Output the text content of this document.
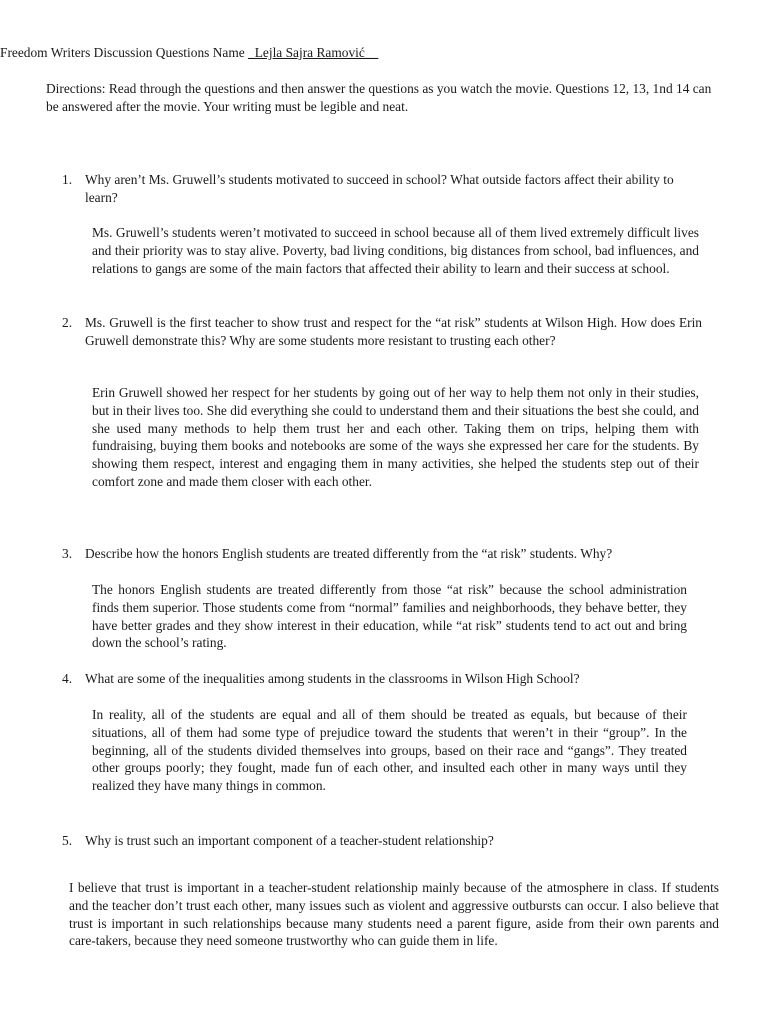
Freedom Writers Discussion Questions Name _Lejla Sajra Ramović__
Directions: Read through the questions and then answer the questions as you watch the movie. Questions 12, 13, 1nd 14 can be answered after the movie. Your writing must be legible and neat.
1. Why aren’t Ms. Gruwell’s students motivated to succeed in school? What outside factors affect their ability to learn?
Ms. Gruwell’s students weren’t motivated to succeed in school because all of them lived extremely difficult lives and their priority was to stay alive. Poverty, bad living conditions, big distances from school, bad influences, and relations to gangs are some of the main factors that affected their ability to learn and their success at school.
2. Ms. Gruwell is the first teacher to show trust and respect for the “at risk” students at Wilson High. How does Erin Gruwell demonstrate this? Why are some students more resistant to trusting each other?
Erin Gruwell showed her respect for her students by going out of her way to help them not only in their studies, but in their lives too. She did everything she could to understand them and their situations the best she could, and she used many methods to help them trust her and each other. Taking them on trips, helping them with fundraising, buying them books and notebooks are some of the ways she expressed her care for the students. By showing them respect, interest and engaging them in many activities, she helped the students step out of their comfort zone and made them closer with each other.
3. Describe how the honors English students are treated differently from the “at risk” students. Why?
The honors English students are treated differently from those “at risk” because the school administration finds them superior. Those students come from “normal” families and neighborhoods, they behave better, they have better grades and they show interest in their education, while “at risk” students tend to act out and bring down the school’s rating.
4. What are some of the inequalities among students in the classrooms in Wilson High School?
In reality, all of the students are equal and all of them should be treated as equals, but because of their situations, all of them had some type of prejudice toward the students that weren’t in their “group”. In the beginning, all of the students divided themselves into groups, based on their race and “gangs”. They treated other groups poorly; they fought, made fun of each other, and insulted each other in many ways until they realized they have many things in common.
5. Why is trust such an important component of a teacher-student relationship?
I believe that trust is important in a teacher-student relationship mainly because of the atmosphere in class. If students and the teacher don’t trust each other, many issues such as violent and aggressive outbursts can occur. I also believe that trust is important in such relationships because many students need a parent figure, aside from their own parents and care-takers, because they need someone trustworthy who can guide them in life.
